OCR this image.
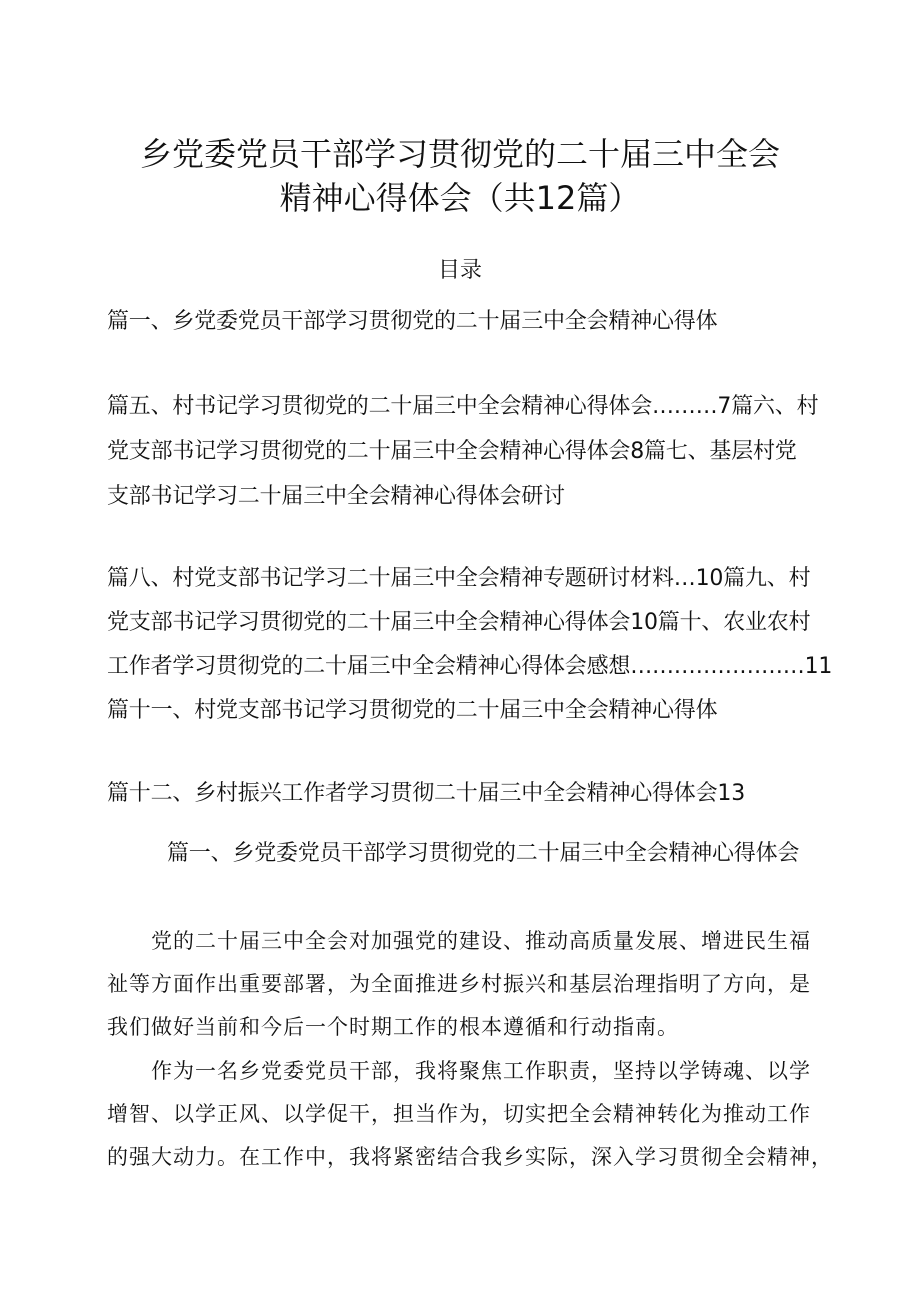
乡党委党员干部学习贯彻党的二十届三中全会
精神心得体会（共12篇）
目录
篇一、乡党委党员干部学习贯彻党的二十届三中全会精神心得体
篇五、村书记学习贯彻党的二十届三中全会精神心得体会………7篇六、村
党支部书记学习贯彻党的二十届三中全会精神心得体会8篇七、基层村党
支部书记学习二十届三中全会精神心得体会研讨
篇八、村党支部书记学习二十届三中全会精神专题研讨材料…10篇九、村
党支部书记学习贯彻党的二十届三中全会精神心得体会10篇十、农业农村
工作者学习贯彻党的二十届三中全会精神心得体会感想……………………11
篇十一、村党支部书记学习贯彻党的二十届三中全会精神心得体
篇十二、乡村振兴工作者学习贯彻二十届三中全会精神心得体会13
篇一、乡党委党员干部学习贯彻党的二十届三中全会精神心得体会
　　党的二十届三中全会对加强党的建设、推动高质量发展、增进民生福
祉等方面作出重要部署，为全面推进乡村振兴和基层治理指明了方向，是
我们做好当前和今后一个时期工作的根本遵循和行动指南。
　　作为一名乡党委党员干部，我将聚焦工作职责，坚持以学铸魂、以学
增智、以学正风、以学促干，担当作为，切实把全会精神转化为推动工作
的强大动力。在工作中，我将紧密结合我乡实际，深入学习贯彻全会精神，
